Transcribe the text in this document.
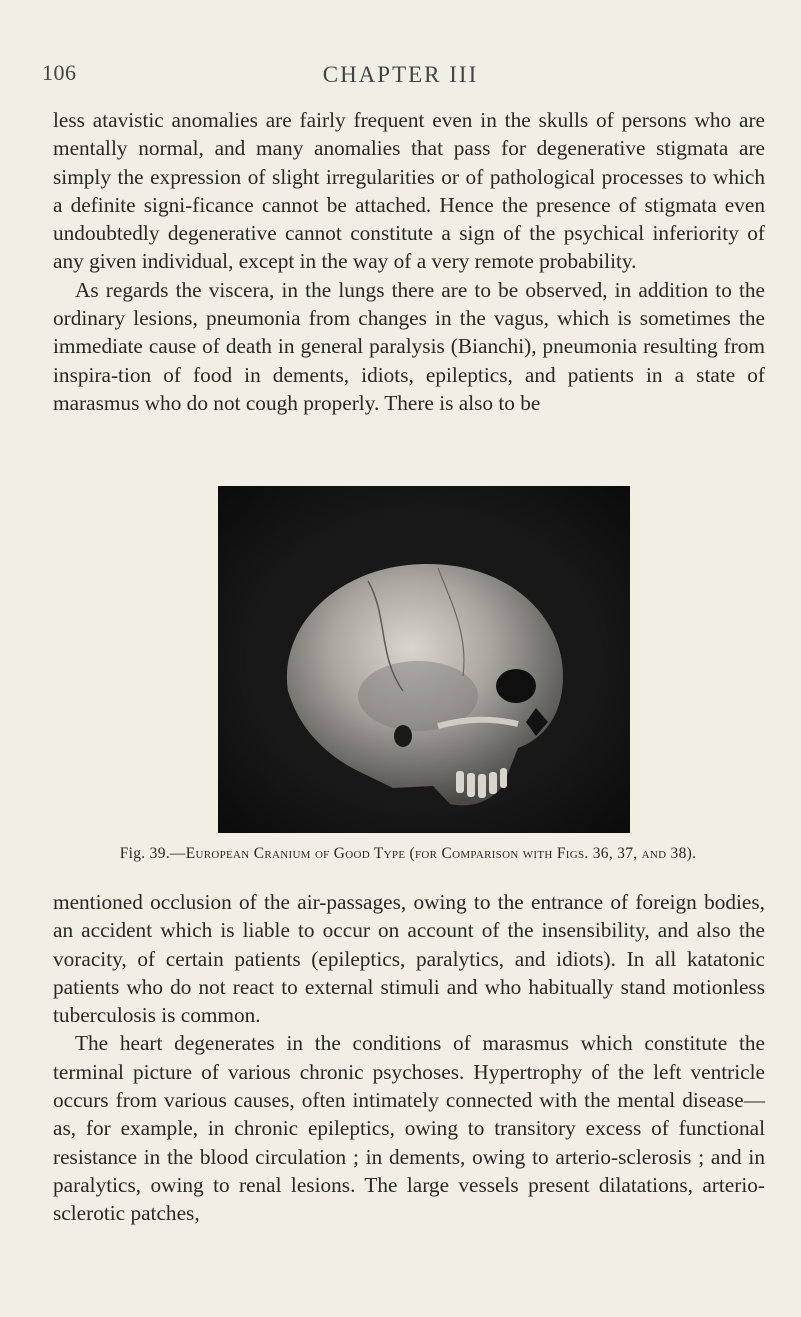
106	CHAPTER III

less atavistic anomalies are fairly frequent even in the skulls of persons who are mentally normal, and many anomalies that pass for degenerative stigmata are simply the expression of slight irregularities or of pathological processes to which a definite signi-ficance cannot be attached. Hence the presence of stigmata even undoubtedly degenerative cannot constitute a sign of the psychical inferiority of any given individual, except in the way of a very remote probability.

As regards the viscera, in the lungs there are to be observed, in addition to the ordinary lesions, pneumonia from changes in the vagus, which is sometimes the immediate cause of death in general paralysis (Bianchi), pneumonia resulting from inspira-tion of food in dements, idiots, epileptics, and patients in a state of marasmus who do not cough properly. There is also to be

Fig. 39.—European Cranium of Good Type (for Comparison with Figs. 36, 37, and 38).

mentioned occlusion of the air-passages, owing to the entrance of foreign bodies, an accident which is liable to occur on account of the insensibility, and also the voracity, of certain patients (epileptics, paralytics, and idiots). In all katatonic patients who do not react to external stimuli and who habitually stand motionless tuberculosis is common.

The heart degenerates in the conditions of marasmus which constitute the terminal picture of various chronic psychoses. Hypertrophy of the left ventricle occurs from various causes, often intimately connected with the mental disease—as, for example, in chronic epileptics, owing to transitory excess of functional resistance in the blood circulation ; in dements, owing to arterio-sclerosis ; and in paralytics, owing to renal lesions. The large vessels present dilatations, arterio-sclerotic patches,
